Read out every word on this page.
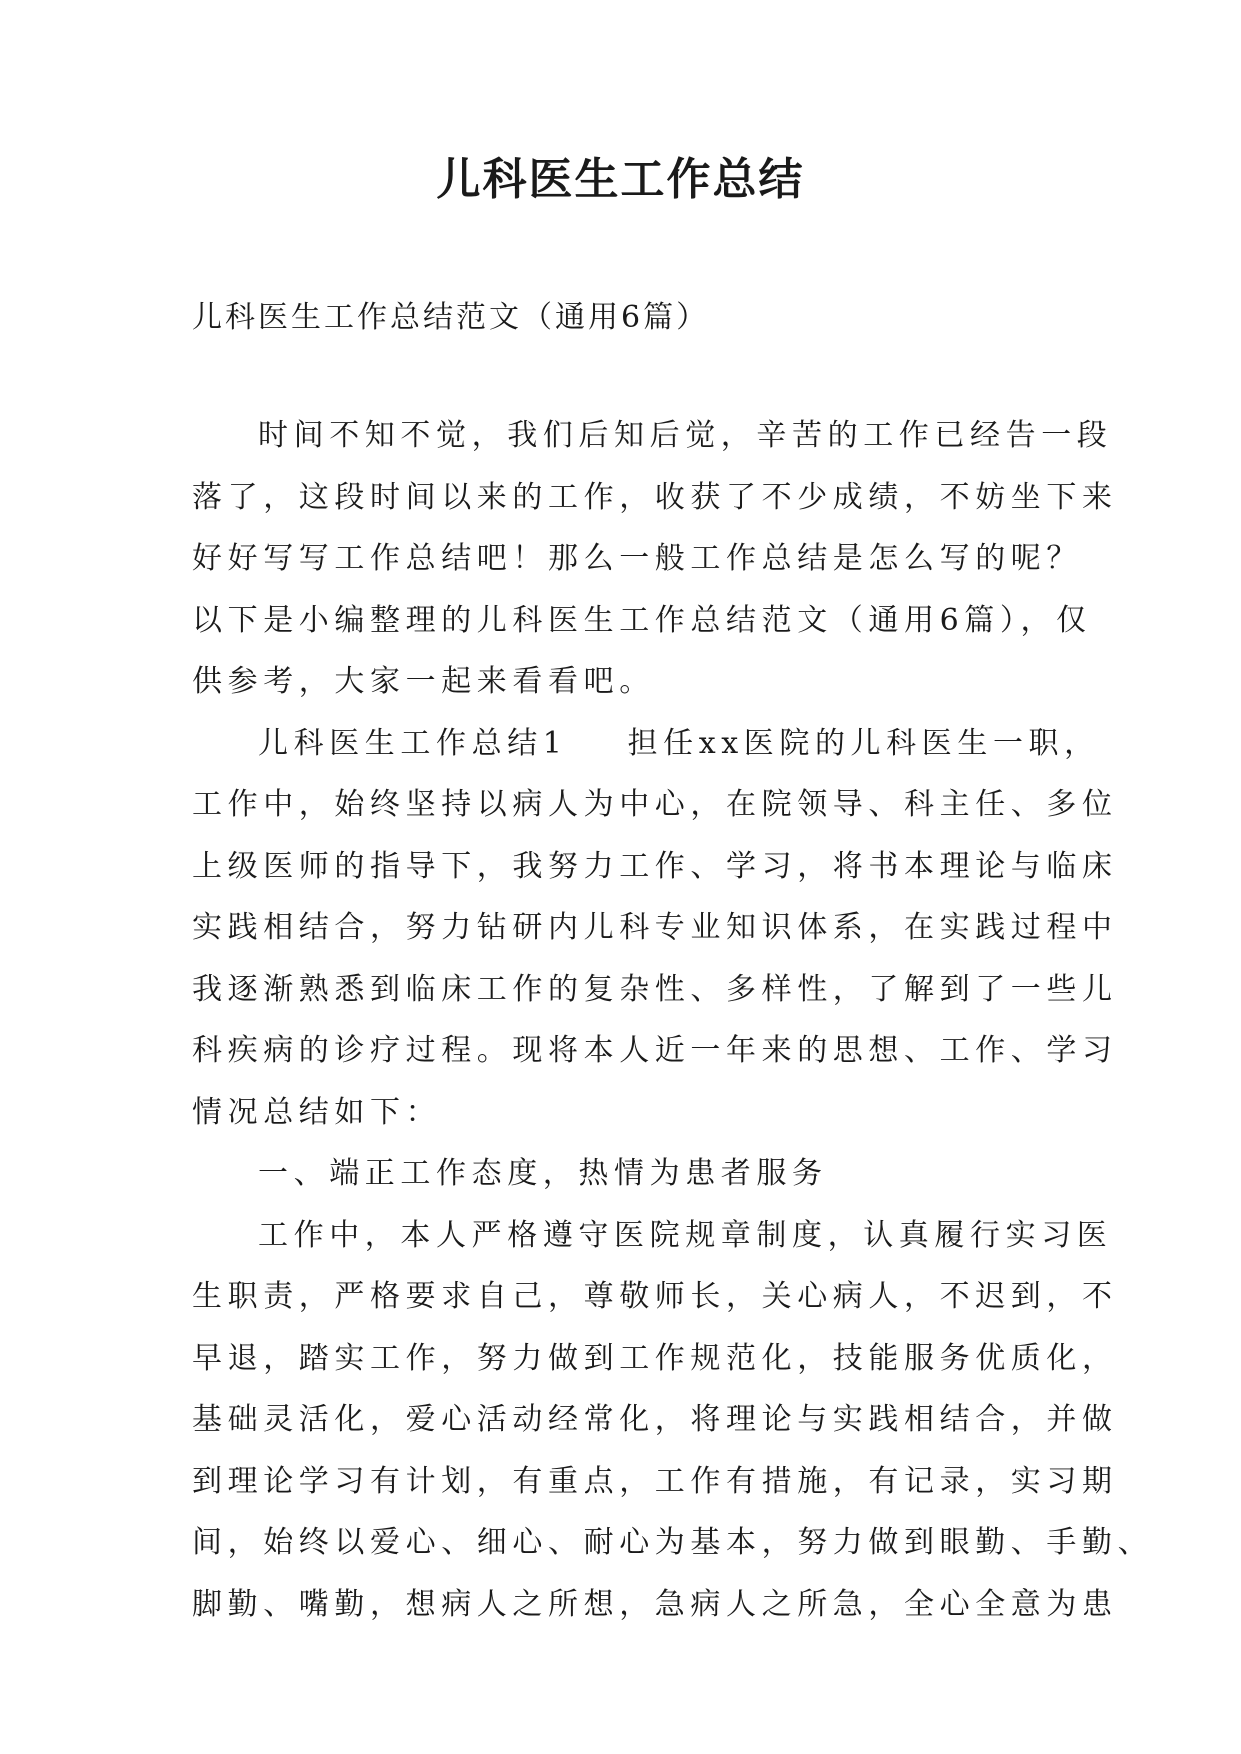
儿科医生工作总结
儿科医生工作总结范文（通用6篇）
时间不知不觉，我们后知后觉，辛苦的工作已经告一段
落了，这段时间以来的工作，收获了不少成绩，不妨坐下来
好好写写工作总结吧！那么一般工作总结是怎么写的呢？
以下是小编整理的儿科医生工作总结范文（通用6篇），仅
供参考，大家一起来看看吧。
儿科医生工作总结1 担任xx医院的儿科医生一职，
工作中，始终坚持以病人为中心，在院领导、科主任、多位
上级医师的指导下，我努力工作、学习，将书本理论与临床
实践相结合，努力钻研内儿科专业知识体系，在实践过程中
我逐渐熟悉到临床工作的复杂性、多样性，了解到了一些儿
科疾病的诊疗过程。现将本人近一年来的思想、工作、学习
情况总结如下：
一、端正工作态度，热情为患者服务
工作中，本人严格遵守医院规章制度，认真履行实习医
生职责，严格要求自己，尊敬师长，关心病人，不迟到，不
早退，踏实工作，努力做到工作规范化，技能服务优质化，
基础灵活化，爱心活动经常化，将理论与实践相结合，并做
到理论学习有计划，有重点，工作有措施，有记录，实习期
间，始终以爱心、细心、耐心为基本，努力做到眼勤、手勤、
脚勤、嘴勤，想病人之所想，急病人之所急，全心全意为患
